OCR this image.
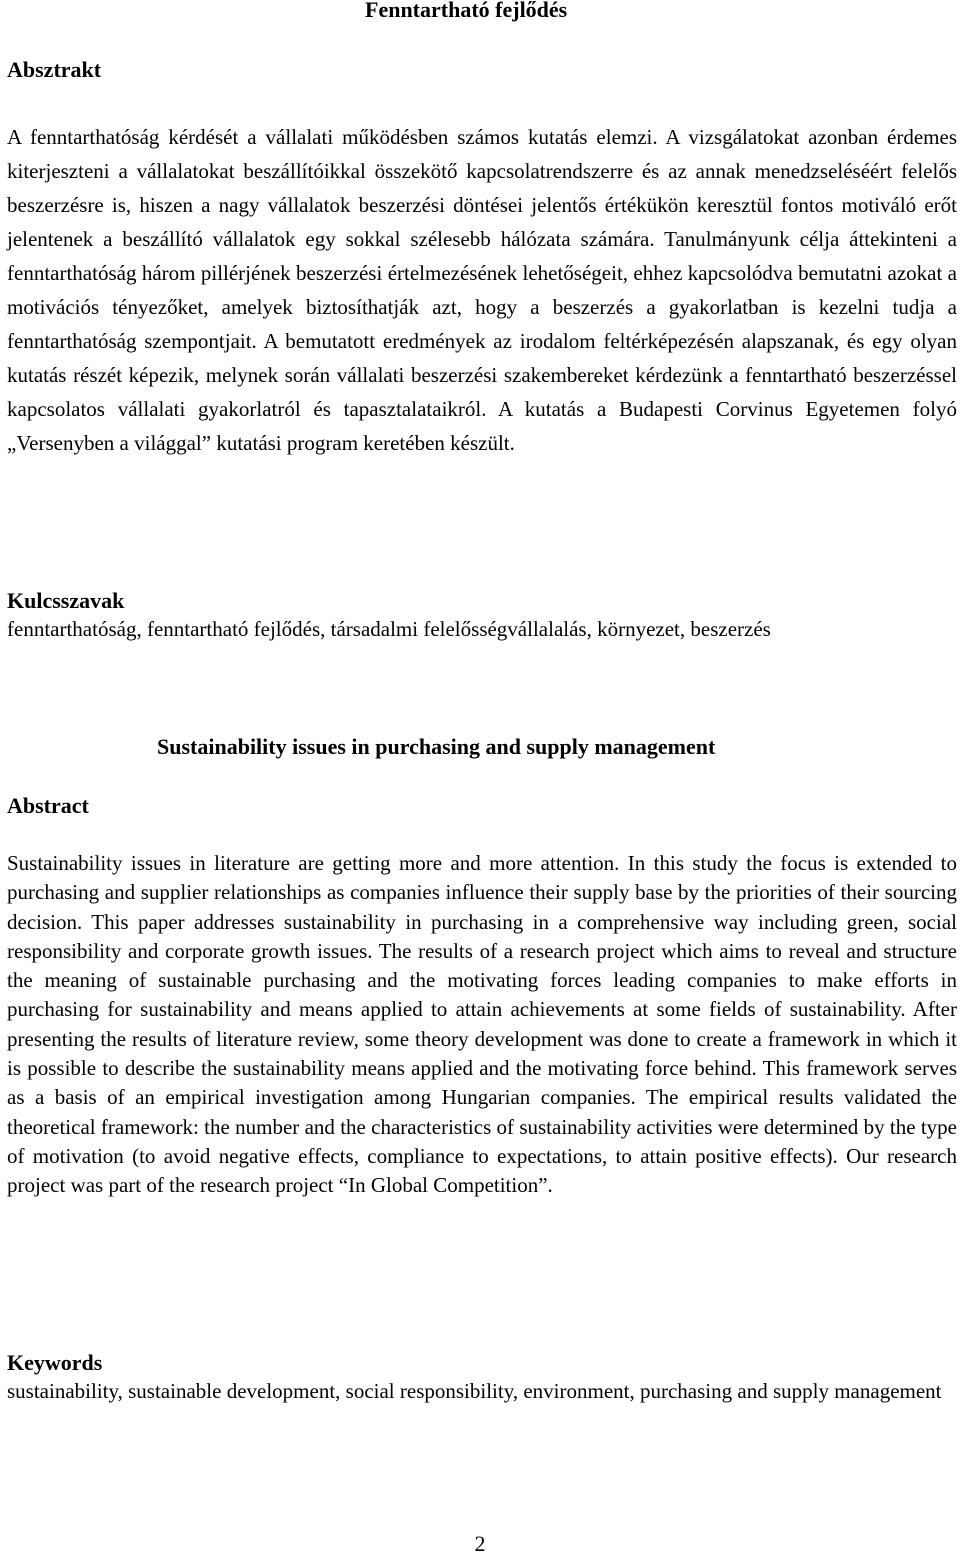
Fenntartható fejlődés
Absztrakt

A fenntarthatóság kérdését a vállalati működésben számos kutatás elemzi. A vizsgálatokat azonban érdemes kiterjeszteni a vállalatokat beszállítóikkal összekötő kapcsolatrendszerre és az annak menedzseléséért felelős beszerzésre is, hiszen a nagy vállalatok beszerzési döntései jelentős értékükön keresztül fontos motiváló erőt jelentenek a beszállító vállalatok egy sokkal szélesebb hálózata számára. Tanulmányunk célja áttekinteni a fenntarthatóság három pillérjének beszerzési értelmezésének lehetőségeit, ehhez kapcsolódva bemutatni azokat a motivációs tényezőket, amelyek biztosíthatják azt, hogy a beszerzés a gyakorlatban is kezelni tudja a fenntarthatóság szempontjait. A bemutatott eredmények az irodalom feltérképezésén alapszanak, és egy olyan kutatás részét képezik, melynek során vállalati beszerzési szakembereket kérdezünk a fenntartható beszerzéssel kapcsolatos vállalati gyakorlatról és tapasztalataikról. A kutatás a Budapesti Corvinus Egyetemen folyó „Versenyben a világgal” kutatási program keretében készült.

Kulcsszavak

fenntarthatóság, fenntartható fejlődés, társadalmi felelősségvállalalás, környezet, beszerzés

Sustainability issues in purchasing and supply management
Abstract

Sustainability issues in literature are getting more and more attention. In this study the focus is extended to purchasing and supplier relationships as companies influence their supply base by the priorities of their sourcing decision. This paper addresses sustainability in purchasing in a comprehensive way including green, social responsibility and corporate growth issues. The results of a research project which aims to reveal and structure the meaning of sustainable purchasing and the motivating forces leading companies to make efforts in purchasing for sustainability and means applied to attain achievements at some fields of sustainability. After presenting the results of literature review, some theory development was done to create a framework in which it is possible to describe the sustainability means applied and the motivating force behind. This framework serves as a basis of an empirical investigation among Hungarian companies. The empirical results validated the theoretical framework: the number and the characteristics of sustainability activities were determined by the type of motivation (to avoid negative effects, compliance to expectations, to attain positive effects). Our research project was part of the research project “In Global Competition”.

Keywords

sustainability, sustainable development, social responsibility, environment, purchasing and supply management

2
